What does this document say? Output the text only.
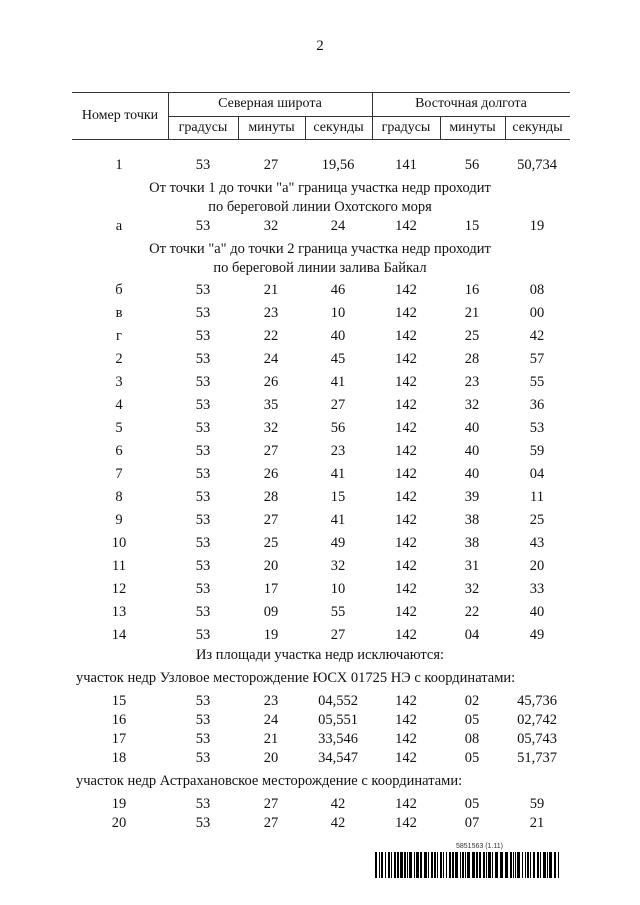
2
Номер точки
Северная широта	Восточная долгота
градусы	минуты	секунды	градусы	минуты	секунды
1	53	27	19,56	141	56	50,734
От точки 1 до точки "а" граница участка недр проходит
по береговой линии Охотского моря
а	53	32	24	142	15	19
От точки "а" до точки 2 граница участка недр проходит
по береговой линии залива Байкал
б	53	21	46	142	16	08
в	53	23	10	142	21	00
г	53	22	40	142	25	42
2	53	24	45	142	28	57
3	53	26	41	142	23	55
4	53	35	27	142	32	36
5	53	32	56	142	40	53
6	53	27	23	142	40	59
7	53	26	41	142	40	04
8	53	28	15	142	39	11
9	53	27	41	142	38	25
10	53	25	49	142	38	43
11	53	20	32	142	31	20
12	53	17	10	142	32	33
13	53	09	55	142	22	40
14	53	19	27	142	04	49
Из площади участка недр исключаются:
участок недр Узловое месторождение ЮСХ 01725 НЭ с координатами:
15	53	23	04,552	142	02	45,736
16	53	24	05,551	142	05	02,742
17	53	21	33,546	142	08	05,743
18	53	20	34,547	142	05	51,737
участок недр Астрахановское месторождение с координатами:
19	53	27	42	142	05	59
20	53	27	42	142	07	21
5851563 (1.11)
